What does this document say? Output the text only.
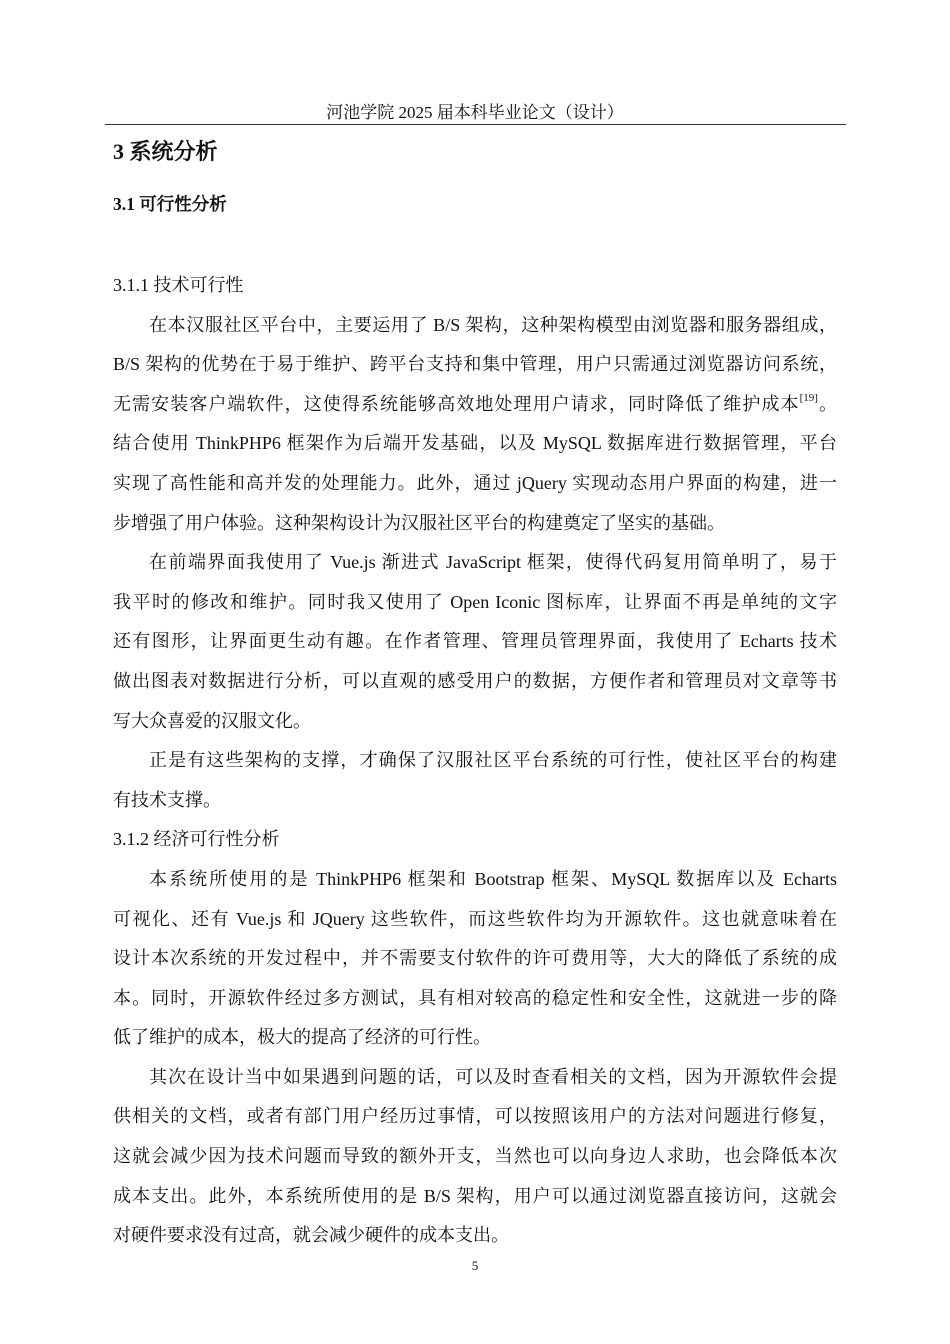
河池学院 2025 届本科毕业论文（设计）
3 系统分析
3.1 可行性分析
3.1.1 技术可行性
在本汉服社区平台中，主要运用了 B/S 架构，这种架构模型由浏览器和服务器组成，
B/S 架构的优势在于易于维护、跨平台支持和集中管理，用户只需通过浏览器访问系统，
无需安装客户端软件，这使得系统能够高效地处理用户请求，同时降低了维护成本[19]。
结合使用 ThinkPHP6 框架作为后端开发基础，以及 MySQL 数据库进行数据管理，平台
实现了高性能和高并发的处理能力。此外，通过 jQuery 实现动态用户界面的构建，进一
步增强了用户体验。这种架构设计为汉服社区平台的构建奠定了坚实的基础。
在前端界面我使用了 Vue.js 渐进式 JavaScript 框架，使得代码复用简单明了，易于
我平时的修改和维护。同时我又使用了 Open Iconic 图标库，让界面不再是单纯的文字
还有图形，让界面更生动有趣。在作者管理、管理员管理界面，我使用了 Echarts 技术
做出图表对数据进行分析，可以直观的感受用户的数据，方便作者和管理员对文章等书
写大众喜爱的汉服文化。
正是有这些架构的支撑，才确保了汉服社区平台系统的可行性，使社区平台的构建
有技术支撑。
3.1.2 经济可行性分析
本系统所使用的是 ThinkPHP6 框架和 Bootstrap 框架、MySQL 数据库以及 Echarts
可视化、还有 Vue.js 和 JQuery 这些软件，而这些软件均为开源软件。这也就意味着在
设计本次系统的开发过程中，并不需要支付软件的许可费用等，大大的降低了系统的成
本。同时，开源软件经过多方测试，具有相对较高的稳定性和安全性，这就进一步的降
低了维护的成本，极大的提高了经济的可行性。
其次在设计当中如果遇到问题的话，可以及时查看相关的文档，因为开源软件会提
供相关的文档，或者有部门用户经历过事情，可以按照该用户的方法对问题进行修复，
这就会减少因为技术问题而导致的额外开支，当然也可以向身边人求助，也会降低本次
成本支出。此外，本系统所使用的是 B/S 架构，用户可以通过浏览器直接访问，这就会
对硬件要求没有过高，就会减少硬件的成本支出。
5
